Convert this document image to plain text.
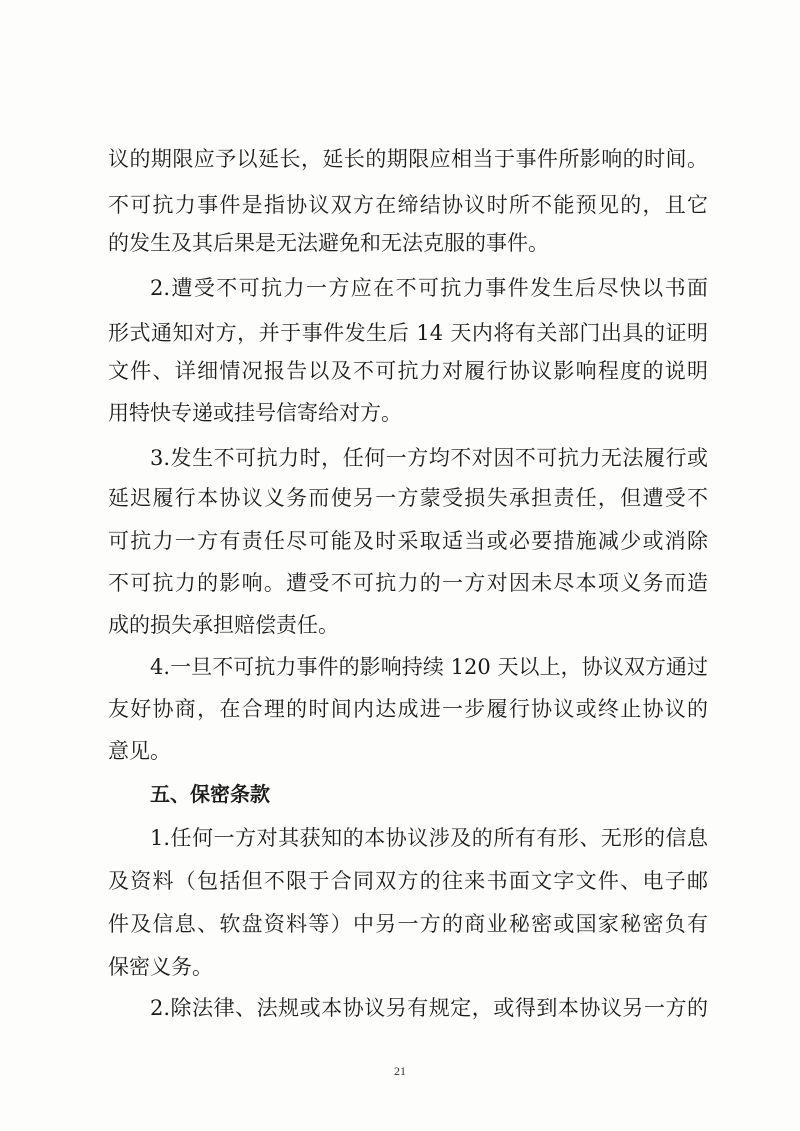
议的期限应予以延长，延长的期限应相当于事件所影响的时间。

不可抗力事件是指协议双方在缔结协议时所不能预见的，且它

的发生及其后果是无法避免和无法克服的事件。

2.遭受不可抗力一方应在不可抗力事件发生后尽快以书面

形式通知对方，并于事件发生后 14 天内将有关部门出具的证明

文件、详细情况报告以及不可抗力对履行协议影响程度的说明

用特快专递或挂号信寄给对方。

3.发生不可抗力时，任何一方均不对因不可抗力无法履行或

延迟履行本协议义务而使另一方蒙受损失承担责任，但遭受不

可抗力一方有责任尽可能及时采取适当或必要措施减少或消除

不可抗力的影响。遭受不可抗力的一方对因未尽本项义务而造

成的损失承担赔偿责任。

4.一旦不可抗力事件的影响持续 120 天以上，协议双方通过

友好协商，在合理的时间内达成进一步履行协议或终止协议的

意见。

五、保密条款

1.任何一方对其获知的本协议涉及的所有有形、无形的信息

及资料（包括但不限于合同双方的往来书面文字文件、电子邮

件及信息、软盘资料等）中另一方的商业秘密或国家秘密负有

保密义务。

2.除法律、法规或本协议另有规定，或得到本协议另一方的

21
